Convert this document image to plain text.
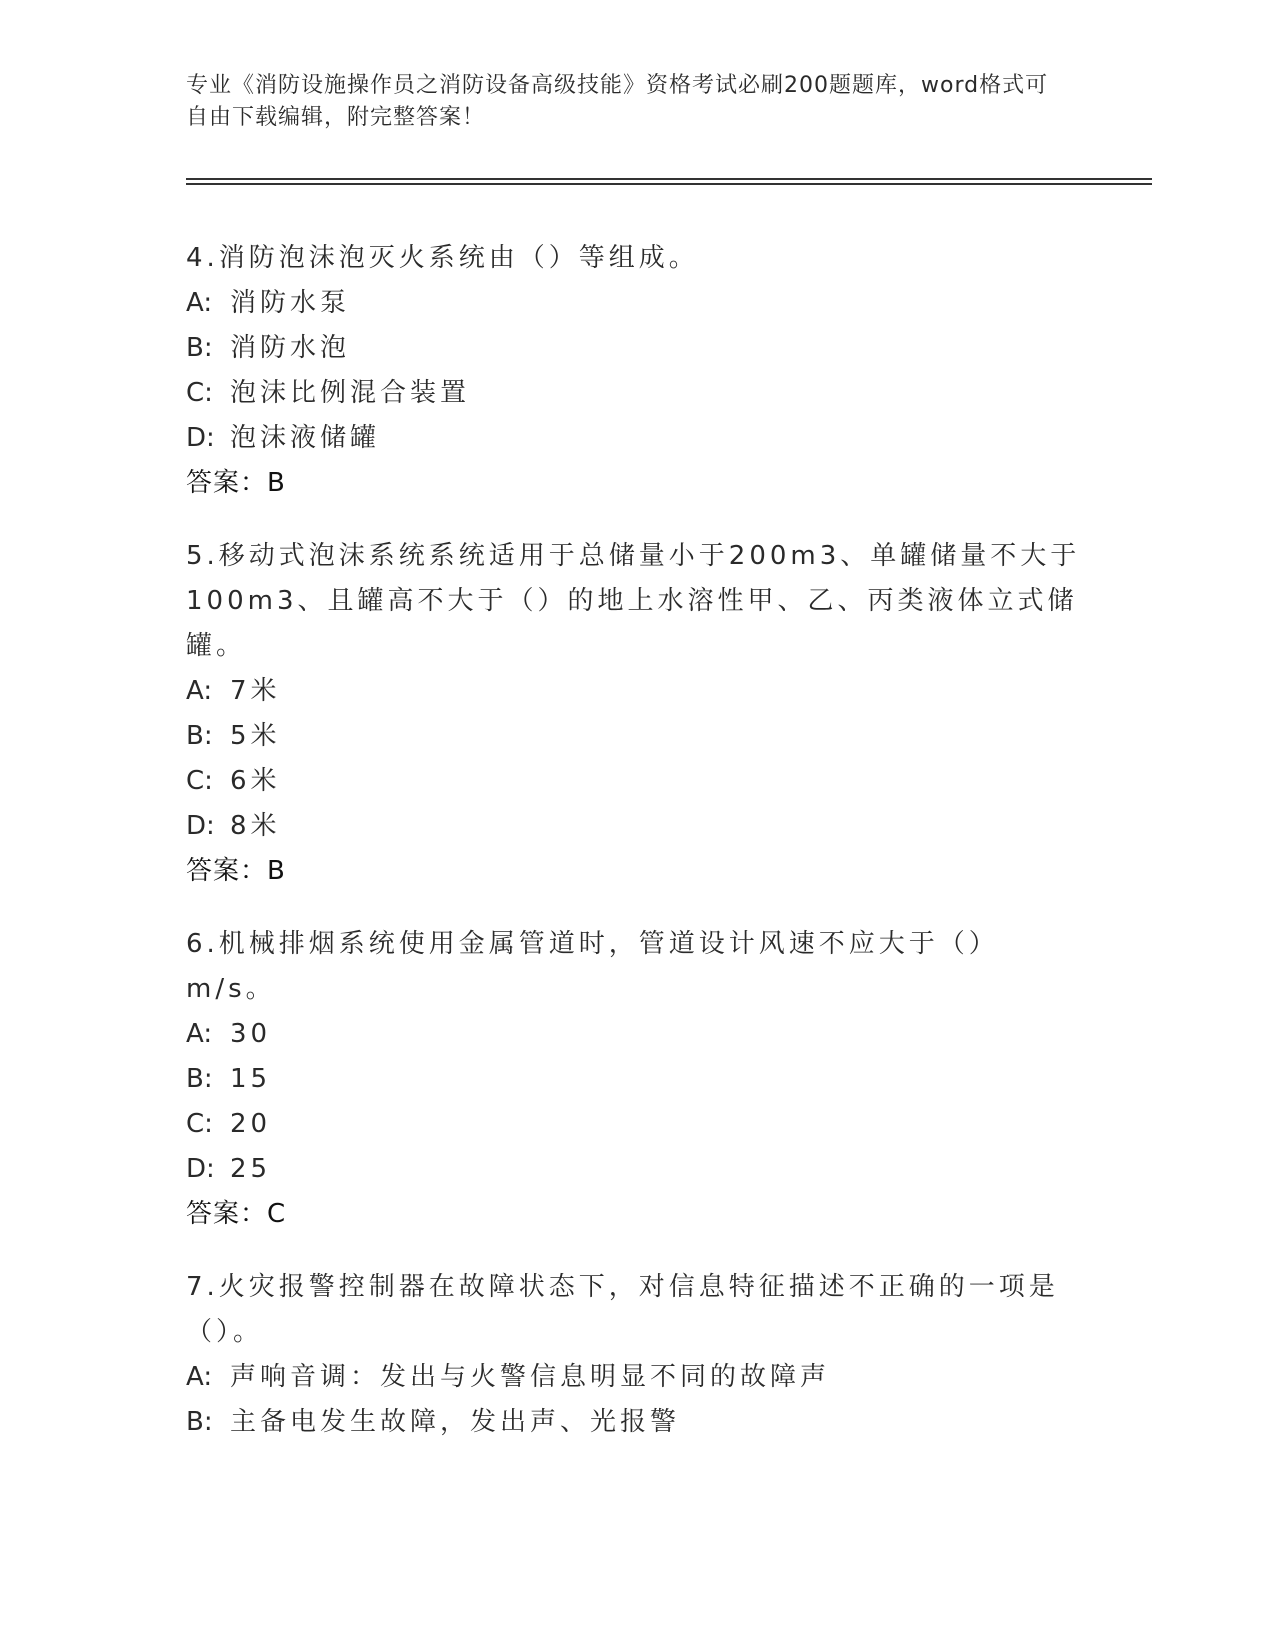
专业《消防设施操作员之消防设备高级技能》资格考试必刷200题题库，word格式可自由下载编辑，附完整答案！
4.消防泡沫泡灭火系统由（）等组成。
A: 消防水泵
B: 消防水泡
C: 泡沫比例混合装置
D: 泡沫液储罐
答案：B
5.移动式泡沫系统系统适用于总储量小于200m3、单罐储量不大于100m3、且罐高不大于（）的地上水溶性甲、乙、丙类液体立式储罐。
A: 7米
B: 5米
C: 6米
D: 8米
答案：B
6.机械排烟系统使用金属管道时，管道设计风速不应大于（）m/s。
A: 30
B: 15
C: 20
D: 25
答案：C
7.火灾报警控制器在故障状态下，对信息特征描述不正确的一项是（）。
A: 声响音调：发出与火警信息明显不同的故障声
B: 主备电发生故障，发出声、光报警
